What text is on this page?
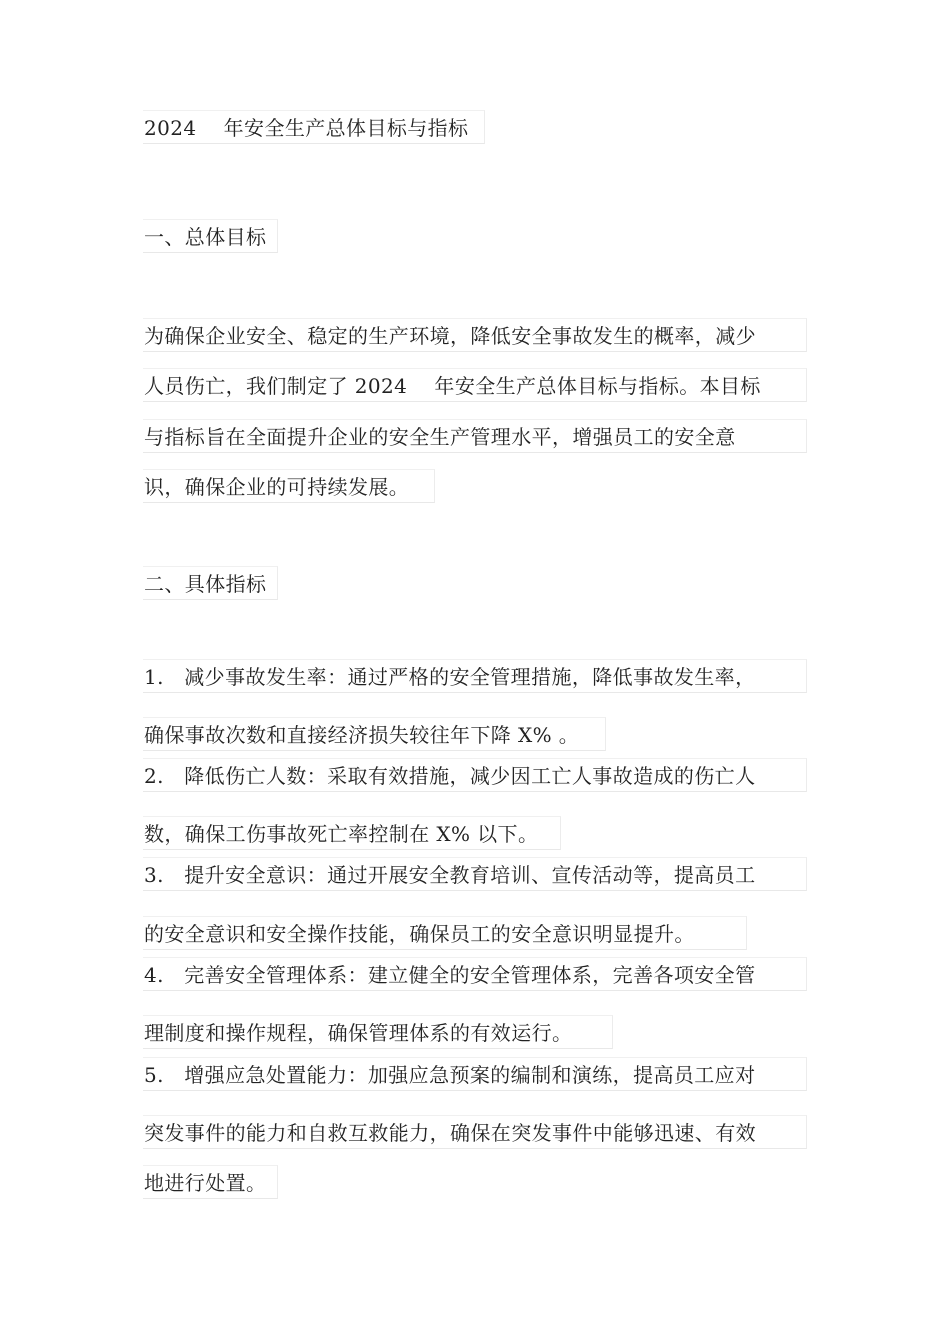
2024　 年安全生产总体目标与指标
一、总体目标
为确保企业安全、稳定的生产环境，降低安全事故发生的概率，减少
人员伤亡，我们制定了 2024　 年安全生产总体目标与指标。本目标
与指标旨在全面提升企业的安全生产管理水平，增强员工的安全意
识，确保企业的可持续发展。
二、具体指标
1.　减少事故发生率：通过严格的安全管理措施，降低事故发生率，
确保事故次数和直接经济损失较往年下降 X% 。
2.　降低伤亡人数：采取有效措施，减少因工亡人事故造成的伤亡人
数，确保工伤事故死亡率控制在 X% 以下。
3.　提升安全意识：通过开展安全教育培训、宣传活动等，提高员工
的安全意识和安全操作技能，确保员工的安全意识明显提升。
4.　完善安全管理体系：建立健全的安全管理体系，完善各项安全管
理制度和操作规程，确保管理体系的有效运行。
5.　增强应急处置能力：加强应急预案的编制和演练，提高员工应对
突发事件的能力和自救互救能力，确保在突发事件中能够迅速、有效
地进行处置。
